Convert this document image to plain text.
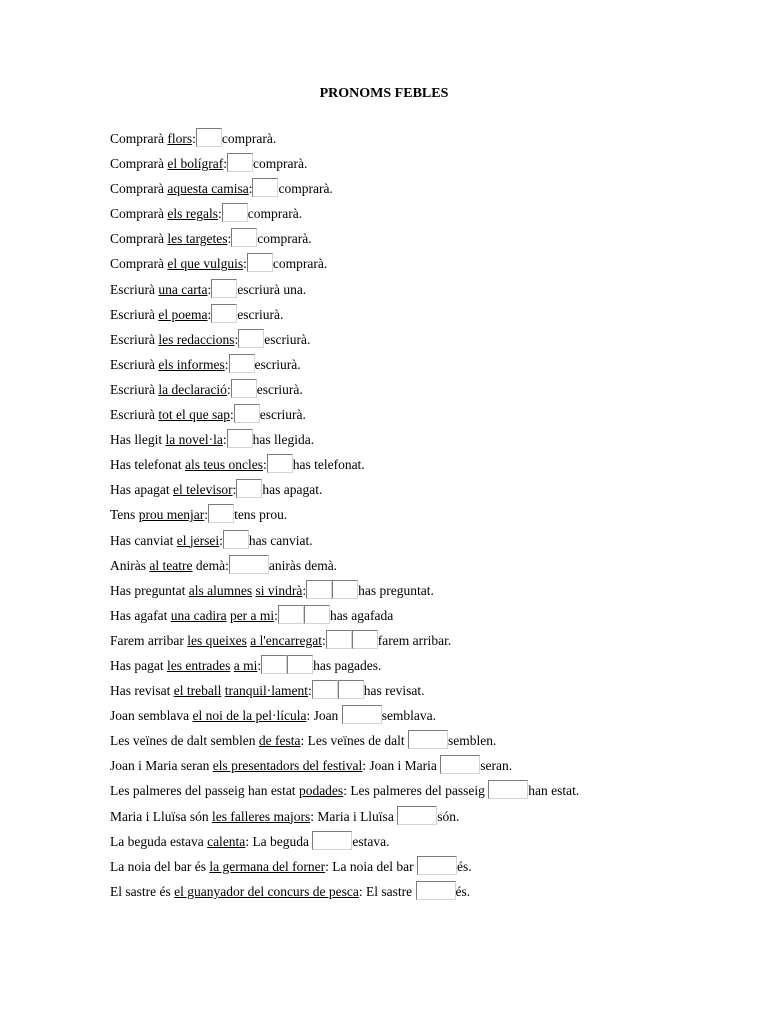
PRONOMS FEBLES
Comprarà flors: comprarà.
Comprarà el bolígraf: comprarà.
Comprarà aquesta camisa: comprarà.
Comprarà els regals: comprarà.
Comprarà les targetes: comprarà.
Comprarà el que vulguis: comprarà.
Escriurà una carta: escriurà una.
Escriurà el poema: escriurà.
Escriurà les redaccions: escriurà.
Escriurà els informes: escriurà.
Escriurà la declaració: escriurà.
Escriurà tot el que sap: escriurà.
Has llegit la novel·la: has llegida.
Has telefonat als teus oncles: has telefonat.
Has apagat el televisor: has apagat.
Tens prou menjar: tens prou.
Has canviat el jersei: has canviat.
Aniràs al teatre demà:	aniràs demà.
Has preguntat als alumnes si vindrà:	has preguntat.
Has agafat una cadira per a mi:	has agafada
Farem arribar les queixes a l'encarregat:	farem arribar.
Has pagat les entrades a mi:	has pagades.
Has revisat el treball tranquil·lament:	has revisat.
Joan semblava el noi de la pel·lícula: Joan	semblava.
Les veïnes de dalt semblen de festa: Les veïnes de dalt	semblen.
Joan i Maria seran els presentadors del festival: Joan i Maria	seran.
Les palmeres del passeig han estat podades: Les palmeres del passeig	han estat.
Maria i Lluïsa són les falleres majors: Maria i Lluïsa	són.
La beguda estava calenta: La beguda	estava.
La noia del bar és la germana del forner: La noia del bar	és.
El sastre és el guanyador del concurs de pesca: El sastre	és.
